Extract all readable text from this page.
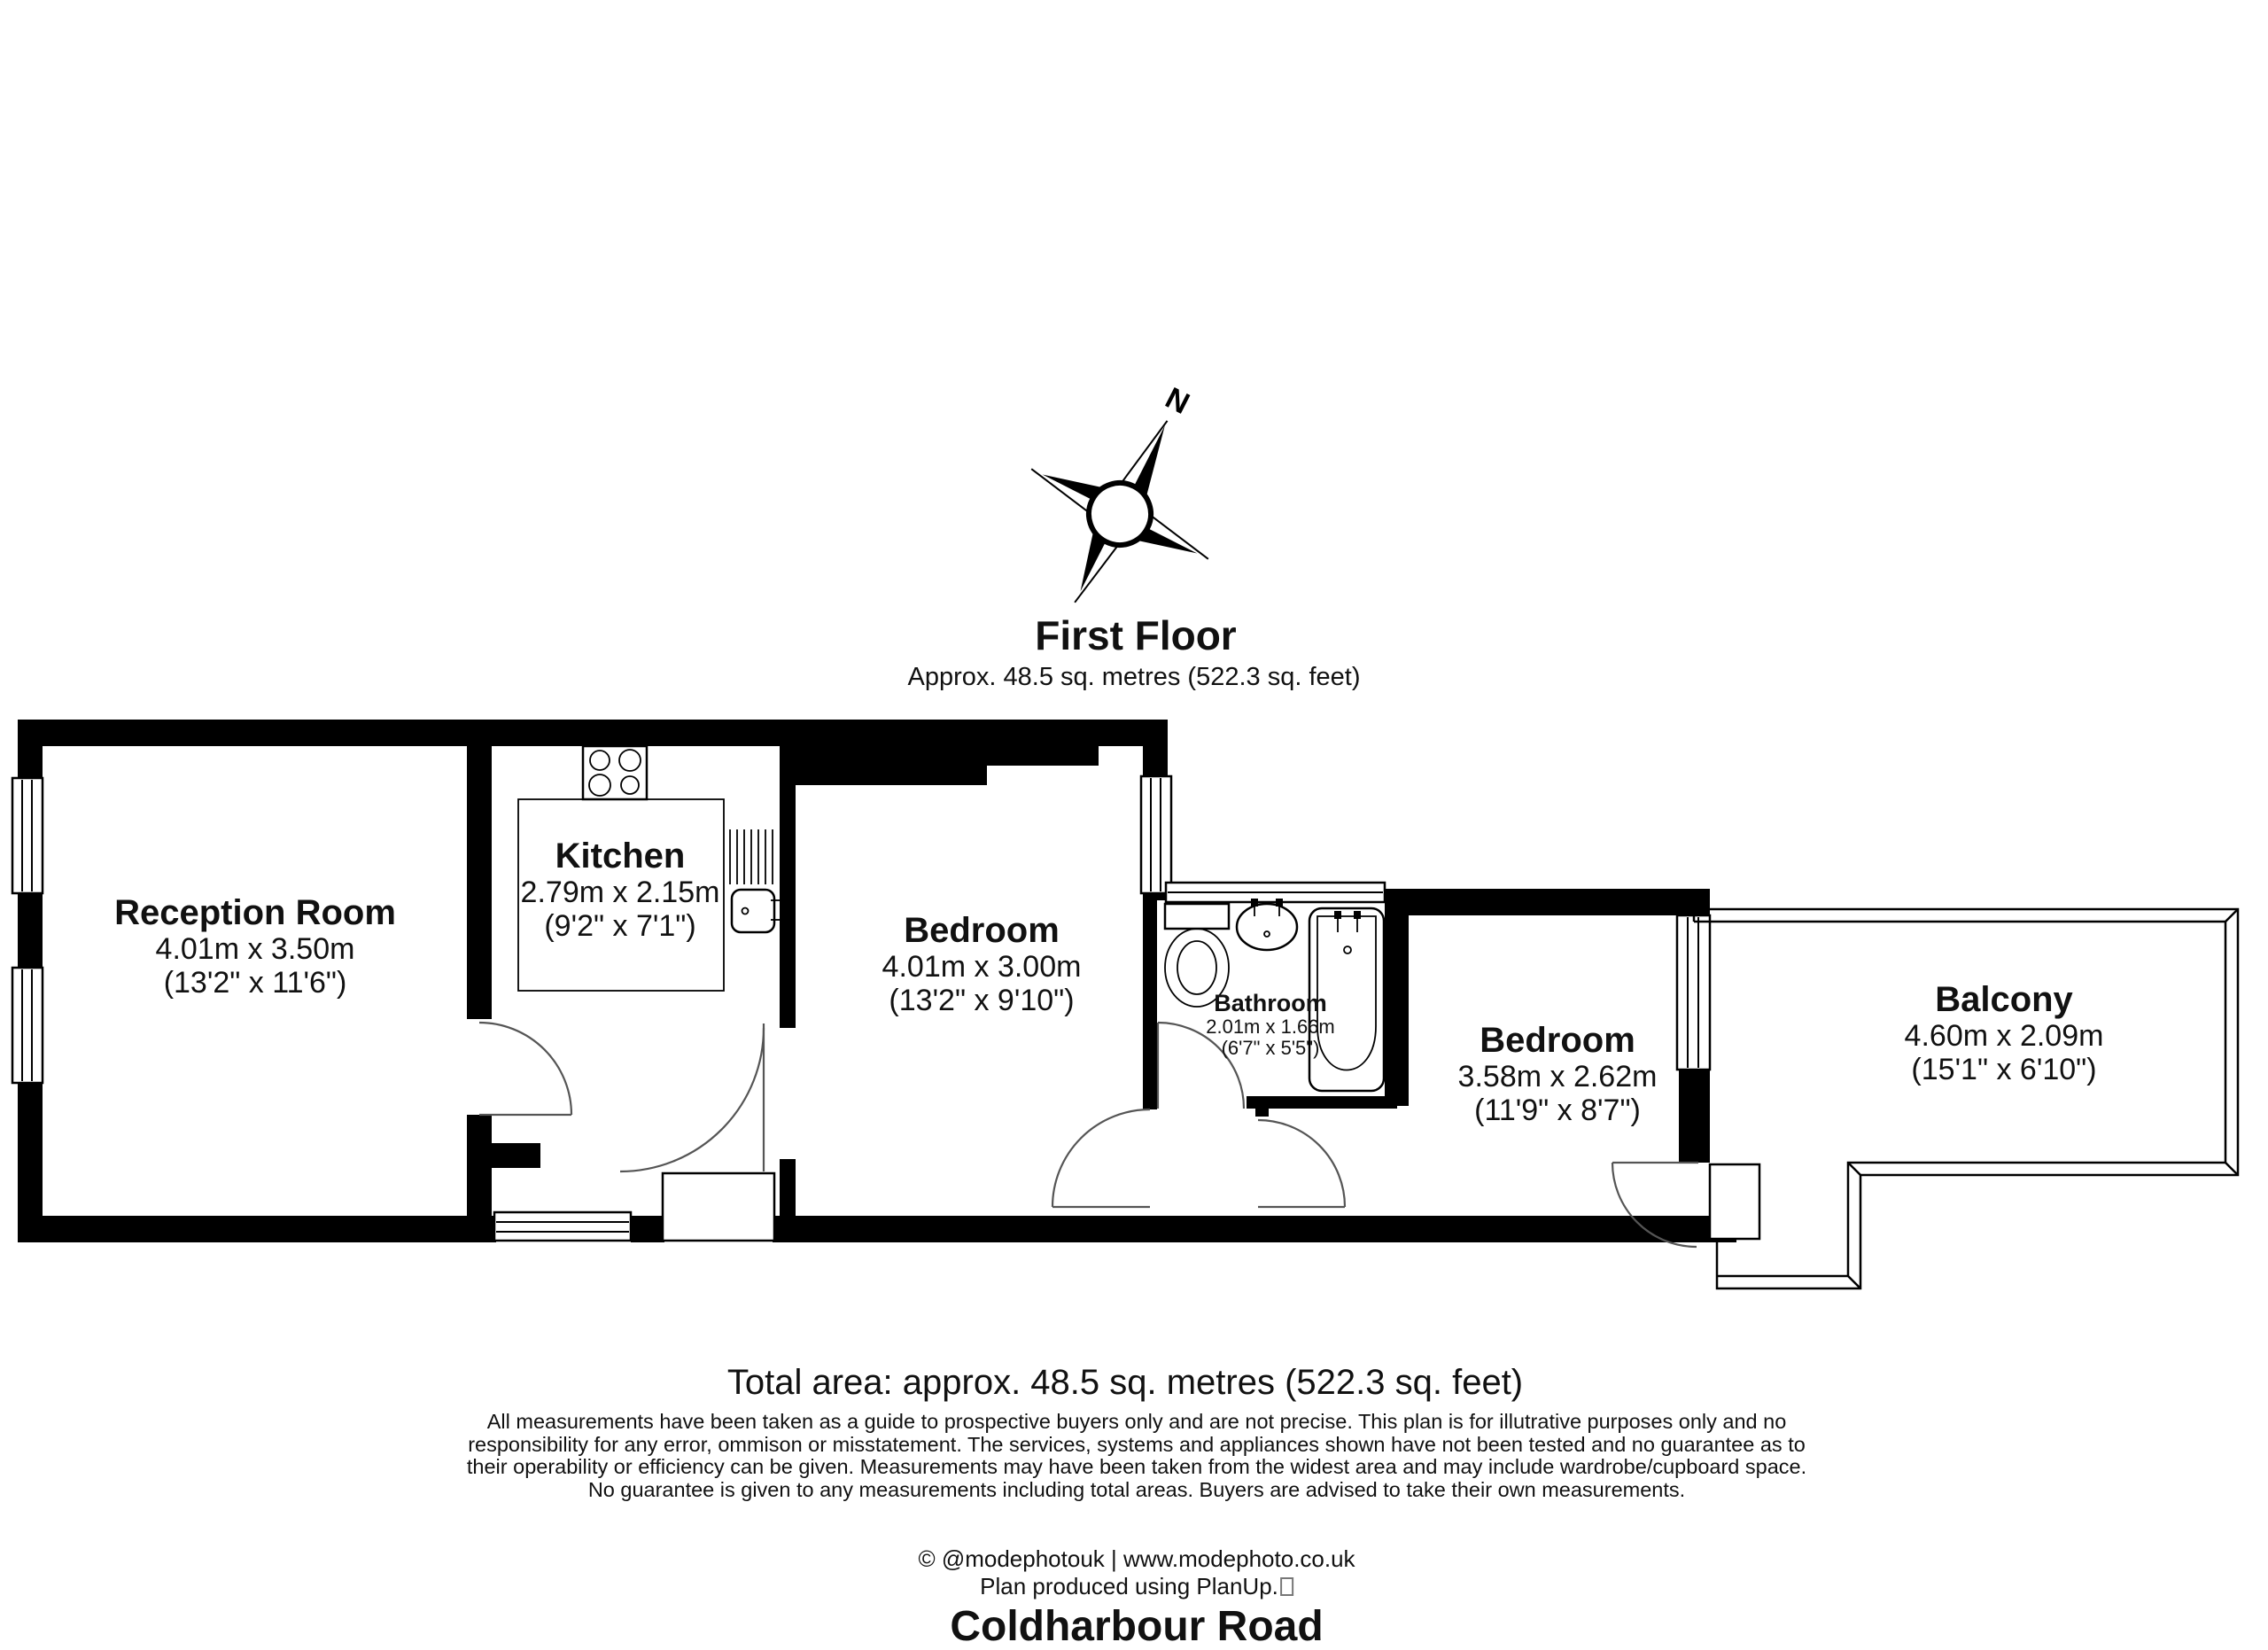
N
First Floor
Approx. 48.5 sq. metres (522.3 sq. feet)
Reception Room
4.01m x 3.50m
(13'2" x 11'6")
Kitchen
2.79m x 2.15m
(9'2" x 7'1")	Bedroom
4.01m x 3.00m
(13'2" x 9'10")	Bathroom
2.01m x 1.66m
(6'7" x 5'5")	Bedroom
3.58m x 2.62m
(11'9" x 8'7")
Balcony
4.60m x 2.09m
(15'1" x 6'10")
Total area: approx. 48.5 sq. metres (522.3 sq. feet)
All measurements have been taken as a guide to prospective buyers only and are not precise. This plan is for illutrative purposes only and no
responsibility for any error, ommison or misstatement. The services, systems and appliances shown have not been tested and no guarantee as to
their operability or efficiency can be given. Measurements may have been taken from the widest area and may include wardrobe/cupboard space.
No guarantee is given to any measurements including total areas. Buyers are advised to take their own measurements.
© @modephotouk | www.modephoto.co.uk
Plan produced using PlanUp.
Coldharbour Road
